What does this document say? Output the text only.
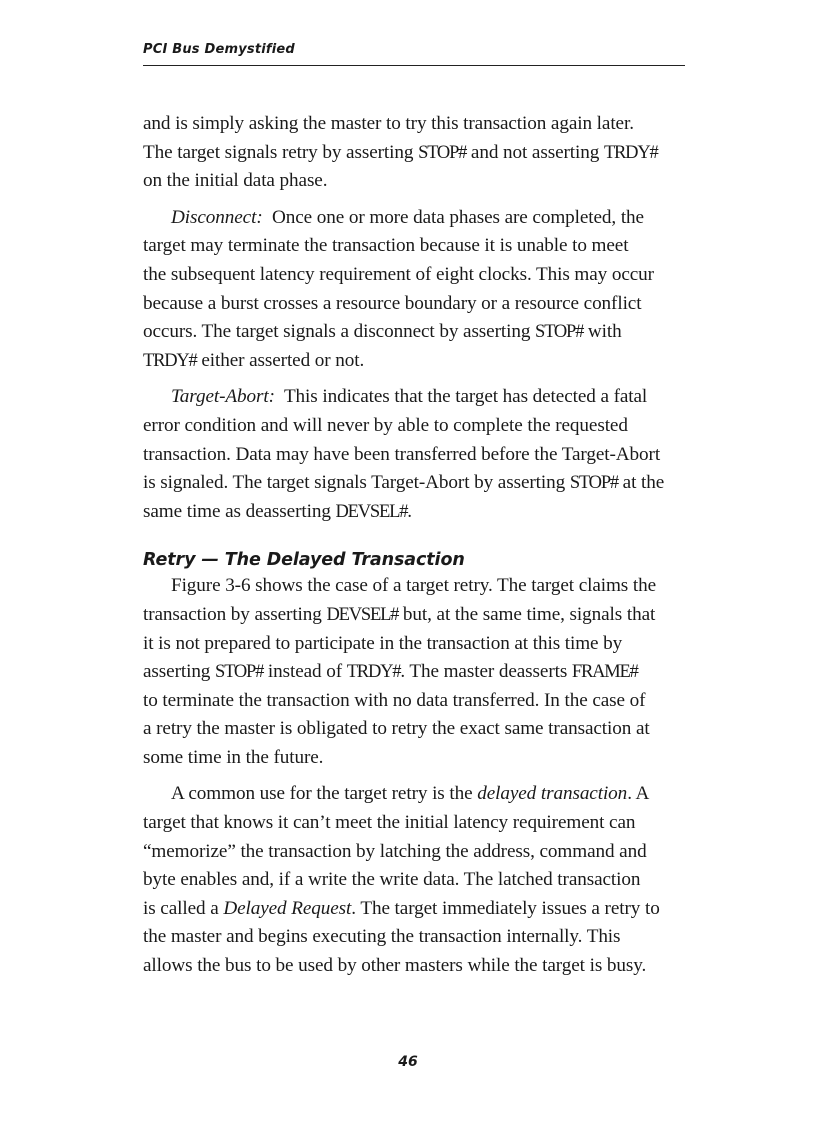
PCI Bus Demystified

and is simply asking the master to try this transaction again later.
The target signals retry by asserting STOP# and not asserting TRDY#
on the initial data phase.

Disconnect:  Once one or more data phases are completed, the
target may terminate the transaction because it is unable to meet
the subsequent latency requirement of eight clocks. This may occur
because a burst crosses a resource boundary or a resource conflict
occurs. The target signals a disconnect by asserting STOP# with
TRDY# either asserted or not.

Target-Abort:  This indicates that the target has detected a fatal
error condition and will never by able to complete the requested
transaction. Data may have been transferred before the Target-Abort
is signaled. The target signals Target-Abort by asserting STOP# at the
same time as deasserting DEVSEL#.

Retry — The Delayed Transaction

Figure 3-6 shows the case of a target retry. The target claims the
transaction by asserting DEVSEL# but, at the same time, signals that
it is not prepared to participate in the transaction at this time by
asserting STOP# instead of TRDY#. The master deasserts FRAME#
to terminate the transaction with no data transferred. In the case of
a retry the master is obligated to retry the exact same transaction at
some time in the future.

A common use for the target retry is the delayed transaction. A
target that knows it can’t meet the initial latency requirement can
“memorize” the transaction by latching the address, command and
byte enables and, if a write the write data. The latched transaction
is called a Delayed Request. The target immediately issues a retry to
the master and begins executing the transaction internally. This
allows the bus to be used by other masters while the target is busy.

46
